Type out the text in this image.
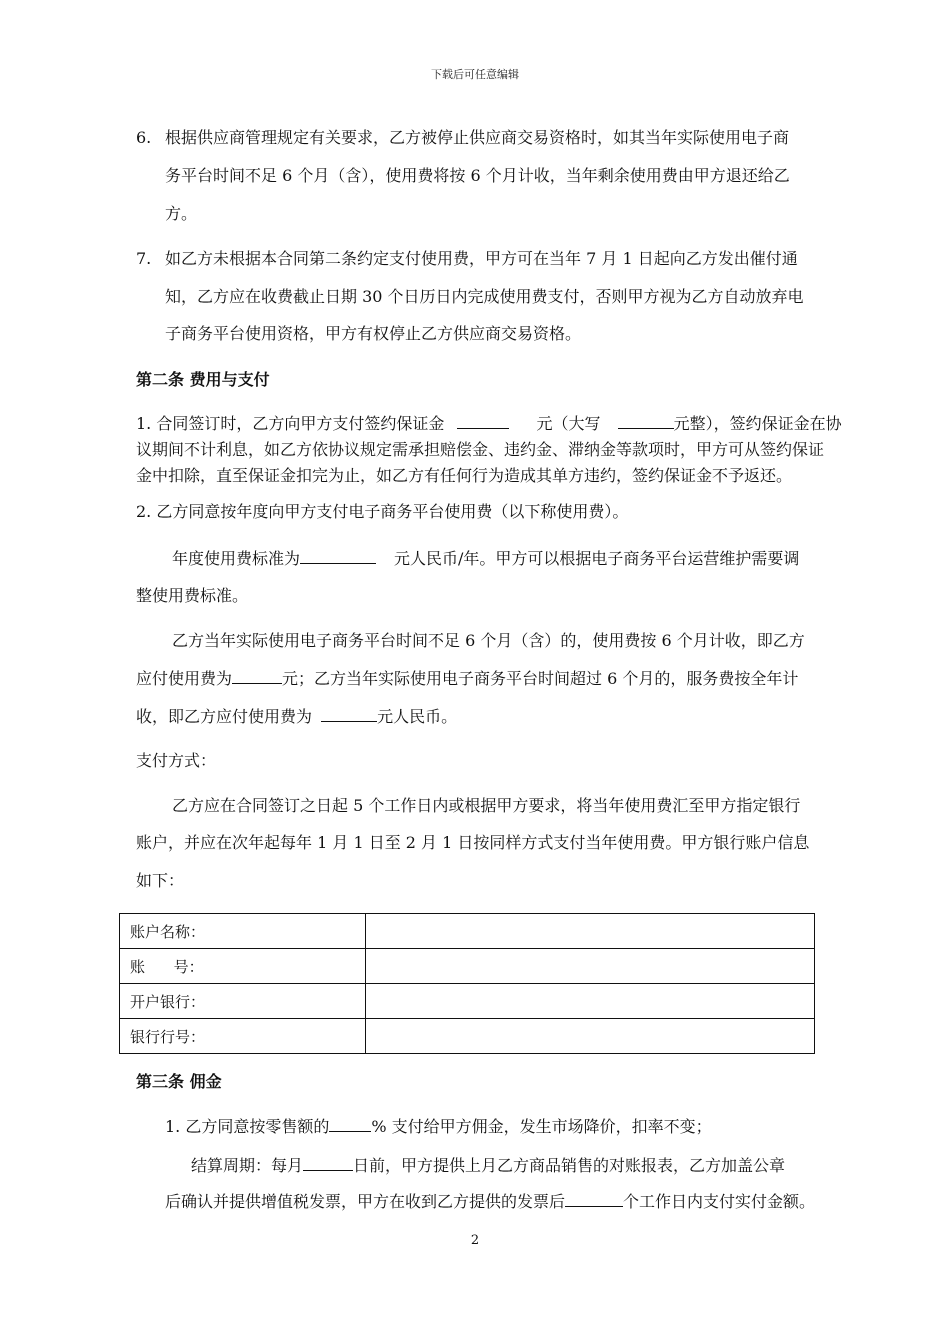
下载后可任意编辑
6. 根据供应商管理规定有关要求，乙方被停止供应商交易资格时，如其当年实际使用电子商
务平台时间不足 6 个月（含），使用费将按 6 个月计收，当年剩余使用费由甲方退还给乙
方。
7. 如乙方未根据本合同第二条约定支付使用费，甲方可在当年 7 月 1 日起向乙方发出催付通
知，乙方应在收费截止日期 30 个日历日内完成使用费支付，否则甲方视为乙方自动放弃电
子商务平台使用资格，甲方有权停止乙方供应商交易资格。
第二条 费用与支付
1. 合同签订时，乙方向甲方支付签约保证金	元（大写	元整），签约保证金在协
议期间不计利息，如乙方依协议规定需承担赔偿金、违约金、滞纳金等款项时，甲方可从签约保证
金中扣除，直至保证金扣完为止，如乙方有任何行为造成其单方违约，签约保证金不予返还。
2. 乙方同意按年度向甲方支付电子商务平台使用费（以下称使用费）。
年度使用费标准为	元人民币/年。甲方可以根据电子商务平台运营维护需要调
整使用费标准。
乙方当年实际使用电子商务平台时间不足 6 个月（含）的，使用费按 6 个月计收，即乙方
应付使用费为	元；乙方当年实际使用电子商务平台时间超过 6 个月的，服务费按全年计
收，即乙方应付使用费为	元人民币。
支付方式：
乙方应在合同签订之日起 5 个工作日内或根据甲方要求，将当年使用费汇至甲方指定银行
账户，并应在次年起每年 1 月 1 日至 2 月 1 日按同样方式支付当年使用费。甲方银行账户信息
如下：
账户名称：	
账      号：	
开户银行：	
银行行号：	
第三条 佣金
1. 乙方同意按零售额的	% 支付给甲方佣金，发生市场降价，扣率不变；
结算周期：每月	日前，甲方提供上月乙方商品销售的对账报表，乙方加盖公章
后确认并提供增值税发票，甲方在收到乙方提供的发票后	个工作日内支付实付金额。
2
